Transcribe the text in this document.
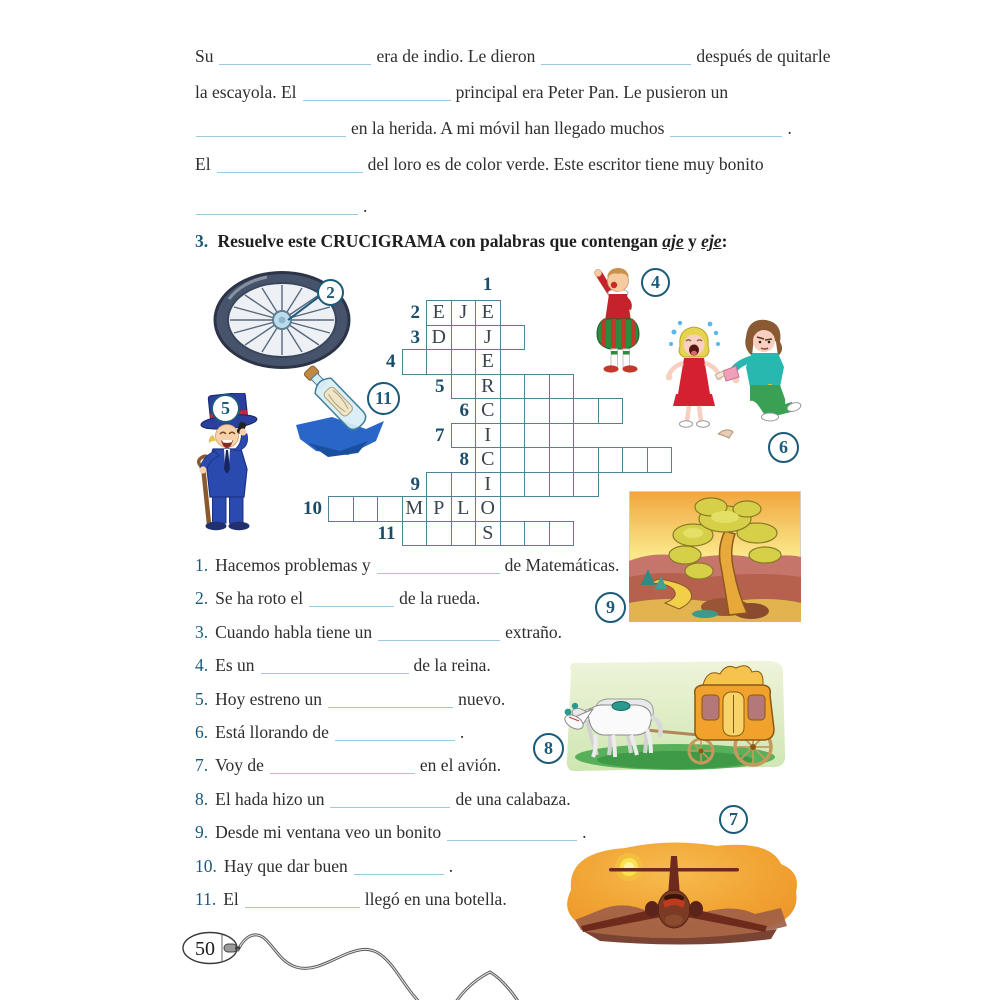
Su	era de indio. Le dieron	después de quitarle
la escayola. El	principal era Peter Pan. Le pusieron un
en la herida. A mi móvil han llegado muchos	.
El	del loro es de color verde. Este escritor tiene muy bonito
.
3. Resuelve este CRUCIGRAMA con palabras que contengan aje y eje:
1
2 E J E
3 D	J
4	E
5	R
6 C
7	I
8 C
9	I
10	M P L O
11	S
2
4
11
5
6
9
8
7
1. Hacemos problemas y	de Matemáticas.
2. Se ha roto el	de la rueda.
3. Cuando habla tiene un	extraño.
4. Es un	de la reina.
5. Hoy estreno un	nuevo.
6. Está llorando de	.
7. Voy de	en el avión.
8. El hada hizo un	de una calabaza.
9. Desde mi ventana veo un bonito	.
10. Hay que dar buen	.
11. El	llegó en una botella.
50
